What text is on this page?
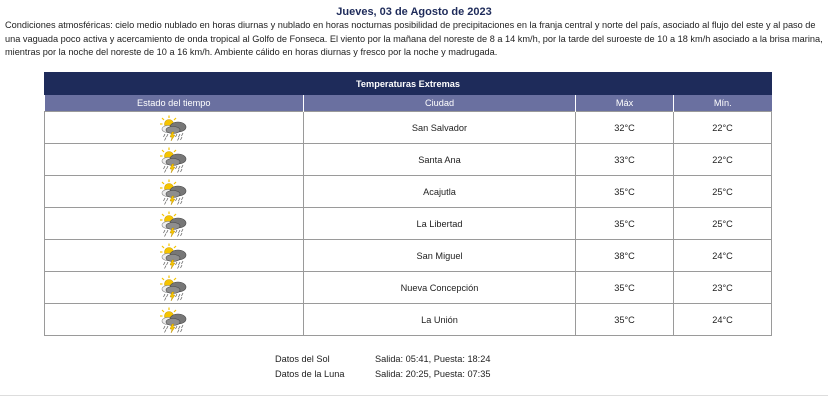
Jueves, 03 de Agosto de 2023
Condiciones atmosféricas: cielo medio nublado en horas diurnas y nublado en horas nocturnas posibilidad de precipitaciones en la franja central y norte del país, asociado al flujo del este y al paso de una vaguada poco activa y acercamiento de onda tropical al Golfo de Fonseca. El viento por la mañana del noreste de 8 a 14 km/h, por la tarde del suroeste de 10 a 18 km/h asociado a la brisa marina, mientras por la noche del noreste de 10 a 16 km/h. Ambiente cálido en horas diurnas y fresco por la noche y madrugada.
Temperaturas Extremas			
Estado del tiempo	Ciudad	Máx	Mín.
	San Salvador	32°C	22°C
	Santa Ana	33°C	22°C
	Acajutla	35°C	25°C
	La Libertad	35°C	25°C
	San Miguel	38°C	24°C
	Nueva Concepción	35°C	23°C
	La Unión	35°C	24°C
Datos del Sol	Salida: 05:41, Puesta: 18:24
Datos de la Luna	Salida: 20:25, Puesta: 07:35
